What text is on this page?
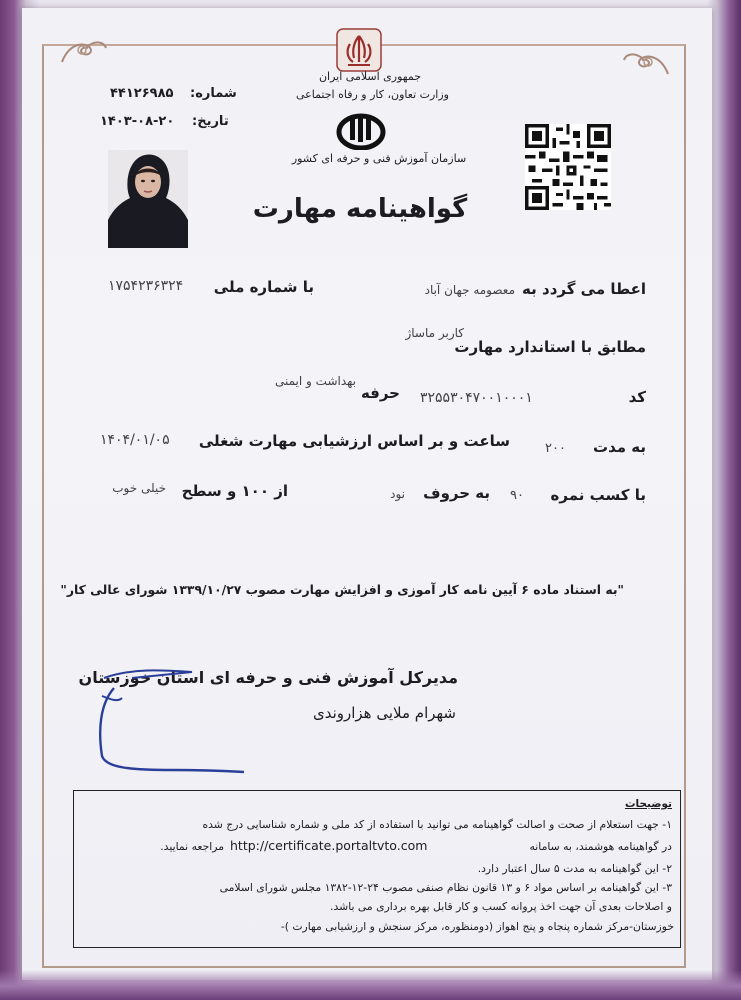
جمهوری اسلامی ایران
وزارت تعاون، کار و رفاه اجتماعی
سازمان آموزش فنی و حرفه ای کشور
شماره:
۴۴۱۲۶۹۸۵
تاریخ:
۱۴۰۳-۰۸-۲۰
گواهینامه مهارت
اعطا می گردد به
معصومه جهان آباد
با شماره ملی
۱۷۵۴۲۳۶۳۲۴
مطابق با استاندارد مهارت
کاربر ماساژ
کد
۳۲۵۵۳۰۴۷۰۰۱۰۰۰۱
حرفه
بهداشت و ایمنی
به مدت
۲۰۰
ساعت و بر اساس ارزشیابی مهارت شغلی
۱۴۰۴/۰۱/۰۵
با کسب نمره
۹۰
به حروف
نود
از ۱۰۰ و سطح
خیلی خوب
"به استناد ماده ۶ آیین نامه کار آموزی و افزایش مهارت مصوب ۱۳۳۹/۱۰/۲۷ شورای عالی کار"
مدیرکل آموزش فنی و حرفه ای استان خوزستان
شهرام ملایی هزاروندی
توضیحات
۱- جهت استعلام از صحت و اصالت گواهینامه می توانید با استفاده از کد ملی و شماره شناسایی درج شده
در گواهینامه هوشمند، به سامانه
http://certificate.portaltvto.com
مراجعه نمایید.
۲- این گواهینامه به مدت ۵ سال اعتبار دارد.
۳- این گواهینامه بر اساس مواد ۶ و ۱۳ قانون نظام صنفی مصوب ۲۴-۱۲-۱۳۸۲ مجلس شورای اسلامی
و اصلاحات بعدی آن جهت اخذ پروانه کسب و کار قابل بهره برداری می باشد.
خوزستان-مرکز شماره پنجاه و پنج اهواز (دومنظوره، مرکز سنجش و ارزشیابی مهارت )-
